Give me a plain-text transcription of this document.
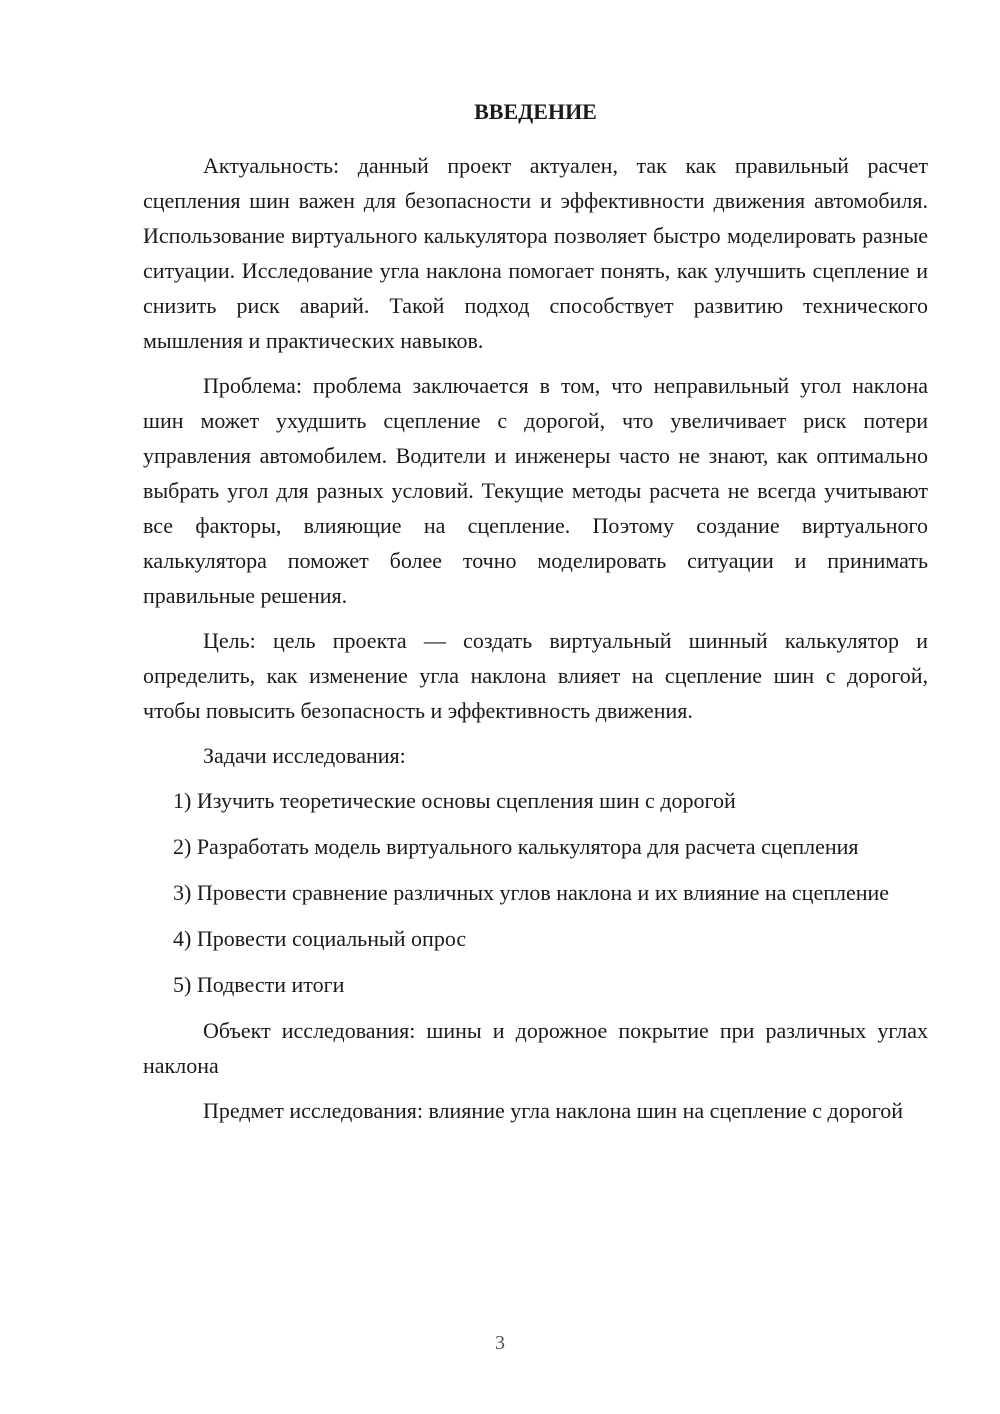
ВВЕДЕНИЕ

Актуальность: данный проект актуален, так как правильный расчет сцепления шин важен для безопасности и эффективности движения автомобиля. Использование виртуального калькулятора позволяет быстро моделировать разные ситуации. Исследование угла наклона помогает понять, как улучшить сцепление и снизить риск аварий. Такой подход способствует развитию технического мышления и практических навыков.

Проблема: проблема заключается в том, что неправильный угол наклона шин может ухудшить сцепление с дорогой, что увеличивает риск потери управления автомобилем. Водители и инженеры часто не знают, как оптимально выбрать угол для разных условий. Текущие методы расчета не всегда учитывают все факторы, влияющие на сцепление. Поэтому создание виртуального калькулятора поможет более точно моделировать ситуации и принимать правильные решения.

Цель: цель проекта — создать виртуальный шинный калькулятор и определить, как изменение угла наклона влияет на сцепление шин с дорогой, чтобы повысить безопасность и эффективность движения.

Задачи исследования:

1) Изучить теоретические основы сцепления шин с дорогой

2) Разработать модель виртуального калькулятора для расчета сцепления

3) Провести сравнение различных углов наклона и их влияние на сцепление

4) Провести социальный опрос

5) Подвести итоги

Объект исследования: шины и дорожное покрытие при различных углах наклона

Предмет исследования: влияние угла наклона шин на сцепление с дорогой

3
